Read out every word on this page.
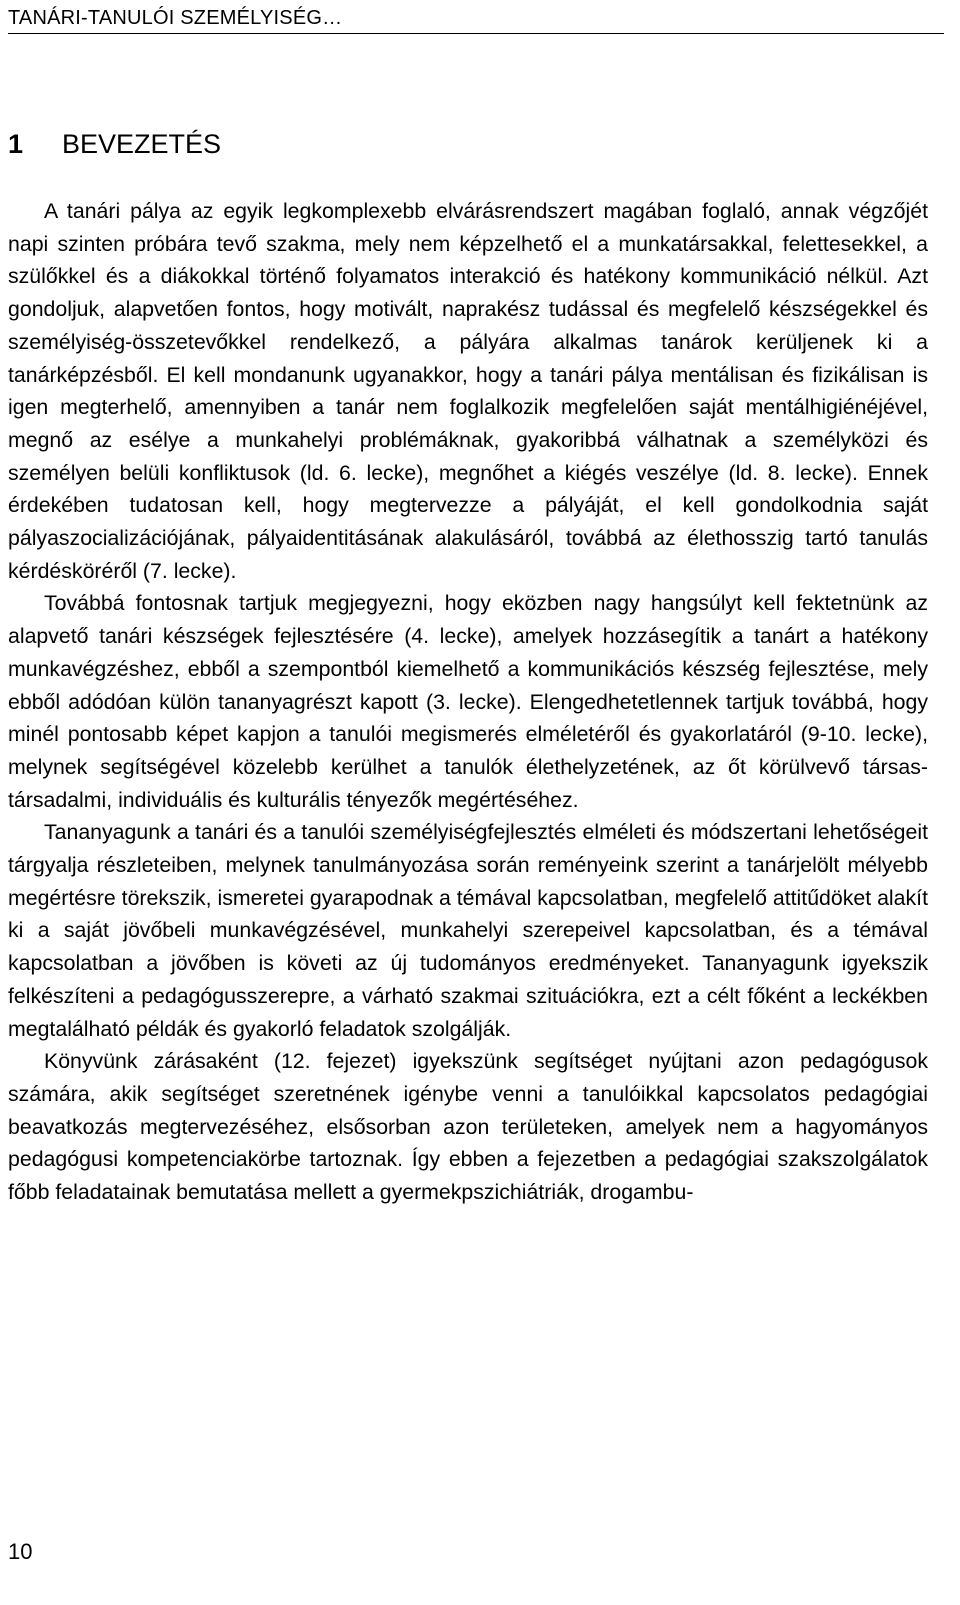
TANÁRI-TANULÓI SZEMÉLYISÉG…
1 BEVEZETÉS

A tanári pálya az egyik legkomplexebb elvárásrendszert magában foglaló, annak végzőjét napi szinten próbára tevő szakma, mely nem képzelhető el a munkatársakkal, felettesekkel, a szülőkkel és a diákokkal történő folyamatos interakció és hatékony kommunikáció nélkül. Azt gondoljuk, alapvetően fontos, hogy motivált, naprakész tudással és megfelelő készségekkel és személyiség-összetevőkkel rendelkező, a pályára alkalmas tanárok kerüljenek ki a tanárképzésből. El kell mondanunk ugyanakkor, hogy a tanári pálya mentálisan és fizikálisan is igen megterhelő, amennyiben a tanár nem foglalkozik megfelelően saját mentálhigiénéjével, megnő az esélye a munkahelyi problémáknak, gyakoribbá válhatnak a személyközi és személyen belüli konfliktusok (ld. 6. lecke), megnőhet a kiégés veszélye (ld. 8. lecke). Ennek érdekében tudatosan kell, hogy megtervezze a pályáját, el kell gondolkodnia saját pályaszocializációjának, pályaidentitásának alakulásáról, továbbá az élethosszig tartó tanulás kérdésköréről (7. lecke).

Továbbá fontosnak tartjuk megjegyezni, hogy eközben nagy hangsúlyt kell fektetnünk az alapvető tanári készségek fejlesztésére (4. lecke), amelyek hozzásegítik a tanárt a hatékony munkavégzéshez, ebből a szempontból kiemelhető a kommunikációs készség fejlesztése, mely ebből adódóan külön tananyagrészt kapott (3. lecke). Elengedhetetlennek tartjuk továbbá, hogy minél pontosabb képet kapjon a tanulói megismerés elméletéről és gyakorlatáról (9-10. lecke), melynek segítségével közelebb kerülhet a tanulók élethelyzetének, az őt körülvevő társas-társadalmi, individuális és kulturális tényezők megértéséhez.

Tananyagunk a tanári és a tanulói személyiségfejlesztés elméleti és módszertani lehetőségeit tárgyalja részleteiben, melynek tanulmányozása során reményeink szerint a tanárjelölt mélyebb megértésre törekszik, ismeretei gyarapodnak a témával kapcsolatban, megfelelő attitűdöket alakít ki a saját jövőbeli munkavégzésével, munkahelyi szerepeivel kapcsolatban, és a témával kapcsolatban a jövőben is követi az új tudományos eredményeket. Tananyagunk igyekszik felkészíteni a pedagógusszerepre, a várható szakmai szituációkra, ezt a célt főként a leckékben megtalálható példák és gyakorló feladatok szolgálják.

Könyvünk zárásaként (12. fejezet) igyekszünk segítséget nyújtani azon pedagógusok számára, akik segítséget szeretnének igénybe venni a tanulóikkal kapcsolatos pedagógiai beavatkozás megtervezéséhez, elsősorban azon területeken, amelyek nem a hagyományos pedagógusi kompetenciakörbe tartoznak. Így ebben a fejezetben a pedagógiai szakszolgálatok főbb feladatainak bemutatása mellett a gyermekpszichiátriák, drogambu-

10
